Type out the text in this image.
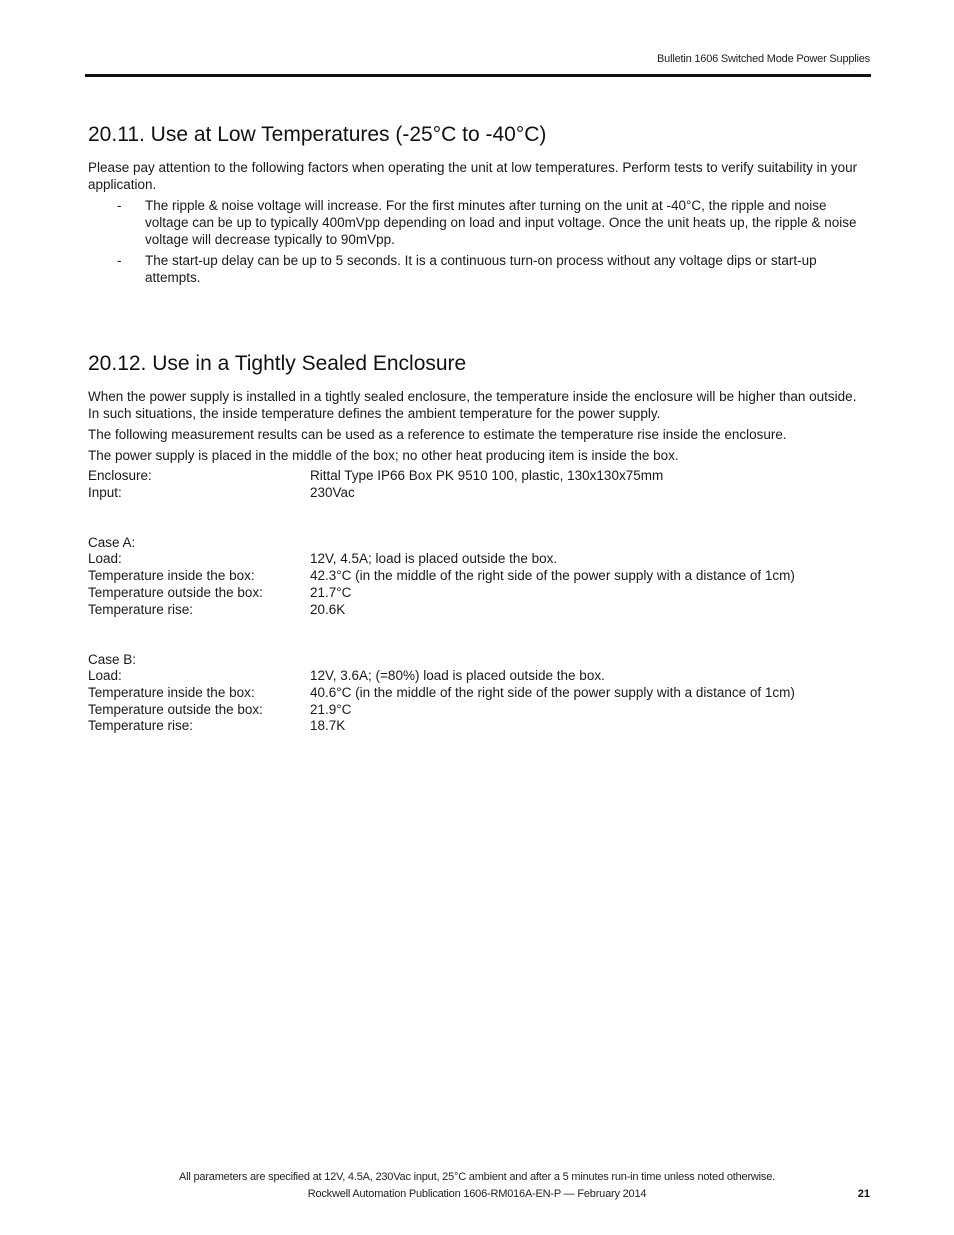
Bulletin 1606 Switched Mode Power Supplies
20.11. Use at Low Temperatures (-25°C to -40°C)

Please pay attention to the following factors when operating the unit at low temperatures. Perform tests to verify suitability in your application.

- The ripple & noise voltage will increase. For the first minutes after turning on the unit at -40°C, the ripple and noise voltage can be up to typically 400mVpp depending on load and input voltage. Once the unit heats up, the ripple & noise voltage will decrease typically to 90mVpp.
- The start-up delay can be up to 5 seconds. It is a continuous turn-on process without any voltage dips or start-up attempts.
20.12. Use in a Tightly Sealed Enclosure

When the power supply is installed in a tightly sealed enclosure, the temperature inside the enclosure will be higher than outside. In such situations, the inside temperature defines the ambient temperature for the power supply.

The following measurement results can be used as a reference to estimate the temperature rise inside the enclosure.

The power supply is placed in the middle of the box; no other heat producing item is inside the box.

Enclosure:	Rittal Type IP66 Box PK 9510 100, plastic, 130x130x75mm
Input:	230Vac
Case A:
Load:	12V, 4.5A; load is placed outside the box.
Temperature inside the box:	42.3°C (in the middle of the right side of the power supply with a distance of 1cm)
Temperature outside the box:	21.7°C
Temperature rise:	20.6K
Case B:
Load:	12V, 3.6A; (=80%) load is placed outside the box.
Temperature inside the box:	40.6°C (in the middle of the right side of the power supply with a distance of 1cm)
Temperature outside the box:	21.9°C
Temperature rise:	18.7K
All parameters are specified at 12V, 4.5A, 230Vac input, 25°C ambient and after a 5 minutes run-in time unless noted otherwise.
Rockwell Automation Publication 1606-RM016A-EN-P — February 2014	21
